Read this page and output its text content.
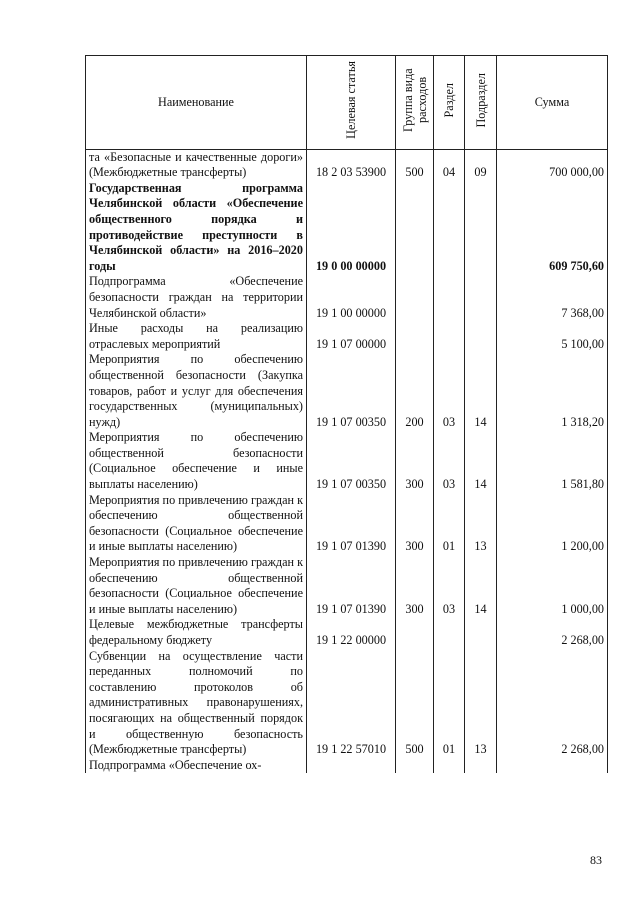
Наименование	Целевая статья	Группа вида расходов	Раздел	Подраздел	Сумма
та «Безопасные и качественные дороги» (Межбюджетные трансферты)	18 2 03 53900	500	04	09	700 000,00
Государственная программа Челябинской области «Обеспечение общественного порядка и противодействие преступности в Челябинской области» на 2016–2020 годы	19 0 00 00000				609 750,60
Подпрограмма «Обеспечение безопасности граждан на территории Челябинской области»	19 1 00 00000				7 368,00
Иные расходы на реализацию отраслевых мероприятий	19 1 07 00000				5 100,00
Мероприятия по обеспечению общественной безопасности (Закупка товаров, работ и услуг для обеспечения государственных (муниципальных) нужд)	19 1 07 00350	200	03	14	1 318,20
Мероприятия по обеспечению общественной безопасности (Социальное обеспечение и иные выплаты населению)	19 1 07 00350	300	03	14	1 581,80
Мероприятия по привлечению граждан к обеспечению общественной безопасности (Социальное обеспечение и иные выплаты населению)	19 1 07 01390	300	01	13	1 200,00
Мероприятия по привлечению граждан к обеспечению общественной безопасности (Социальное обеспечение и иные выплаты населению)	19 1 07 01390	300	03	14	1 000,00
Целевые межбюджетные трансферты федеральному бюджету	19 1 22 00000				2 268,00
Субвенции на осуществление части переданных полномочий по составлению протоколов об административных правонарушениях, посягающих на общественный порядок и общественную безопасность (Межбюджетные трансферты)	19 1 22 57010	500	01	13	2 268,00
Подпрограмма «Обеспечение ох-					
83
